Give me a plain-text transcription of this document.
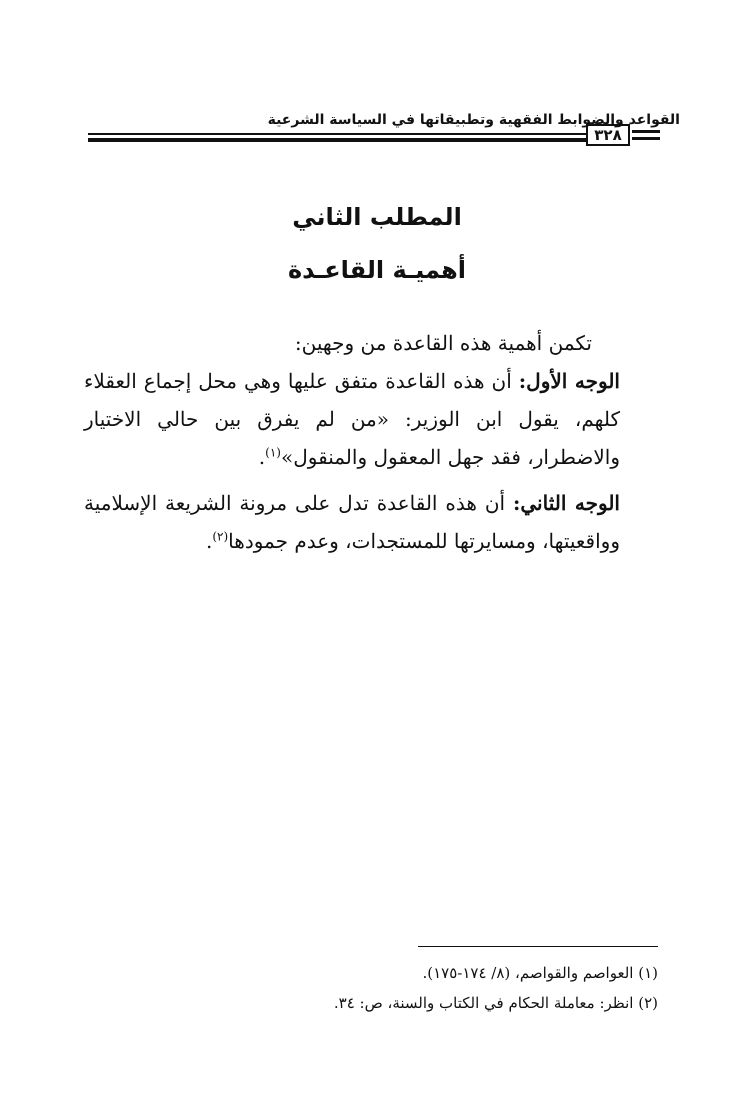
القواعد والضوابط الفقهية وتطبيقاتها في السياسة الشرعية
٣٢٨
المطلب الثاني
أهميـة القاعـدة

تكمن أهمية هذه القاعدة من وجهين:

الوجه الأول: أن هذه القاعدة متفق عليها وهي محل إجماع العقلاء كلهم، يقول ابن الوزير: «من لم يفرق بين حالي الاختيار والاضطرار، فقد جهل المعقول والمنقول»$^{(١)}$.

الوجه الثاني: أن هذه القاعدة تدل على مرونة الشريعة الإسلامية وواقعيتها، ومسايرتها للمستجدات، وعدم جمودها$^{(٢)}$.

(١) العواصم والقواصم، (٨/ ١٧٤-١٧٥).
(٢) انظر: معاملة الحكام في الكتاب والسنة، ص: ٣٤.
